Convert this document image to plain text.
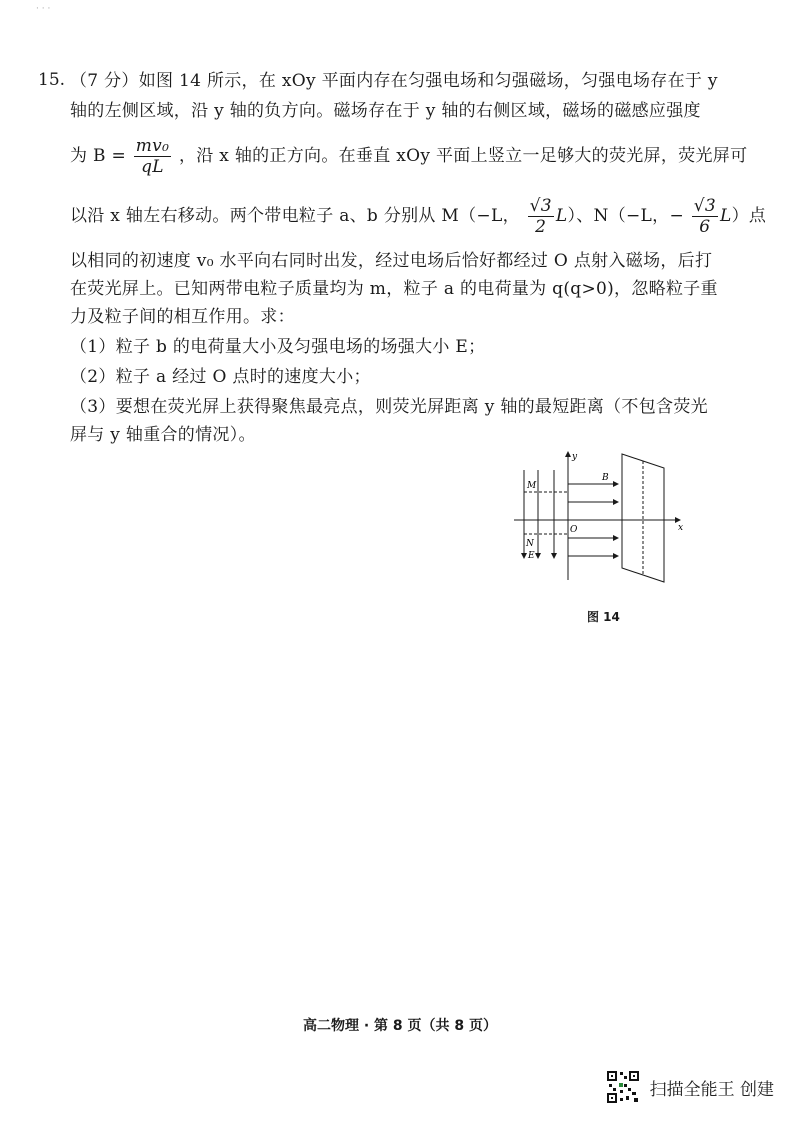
· · ·
15. （7 分）如图 14 所示，在 xOy 平面内存在匀强电场和匀强磁场，匀强电场存在于 y
轴的左侧区域，沿 y 轴的负方向。磁场存在于 y 轴的右侧区域，磁场的磁感应强度
为 $B = \frac{\text{mv₀}}{qL}$ ，沿 x 轴的正方向。在垂直 xOy 平面上竖立一足够大的荧光屏，荧光屏可
以沿 x 轴左右移动。两个带电粒子 a、b 分别从 M（−L， $\frac{√3}{2} L$）、N（−L，− $\frac{√3}{6} L$）点
以相同的初速度 v₀ 水平向右同时出发，经过电场后恰好都经过 O 点射入磁场，后打
在荧光屏上。已知两带电粒子质量均为 m，粒子 a 的电荷量为 q(q>0)，忽略粒子重
力及粒子间的相互作用。求：
（1）粒子 b 的电荷量大小及匀强电场的场强大小 E；
（2）粒子 a 经过 O 点时的速度大小；
（3）要想在荧光屏上获得聚焦最亮点，则荧光屏距离 y 轴的最短距离（不包含荧光
屏与 y 轴重合的情况）。
y
x
M
N
O
B
E
图 14
高二物理 · 第 8 页（共 8 页）
扫描全能王 创建
